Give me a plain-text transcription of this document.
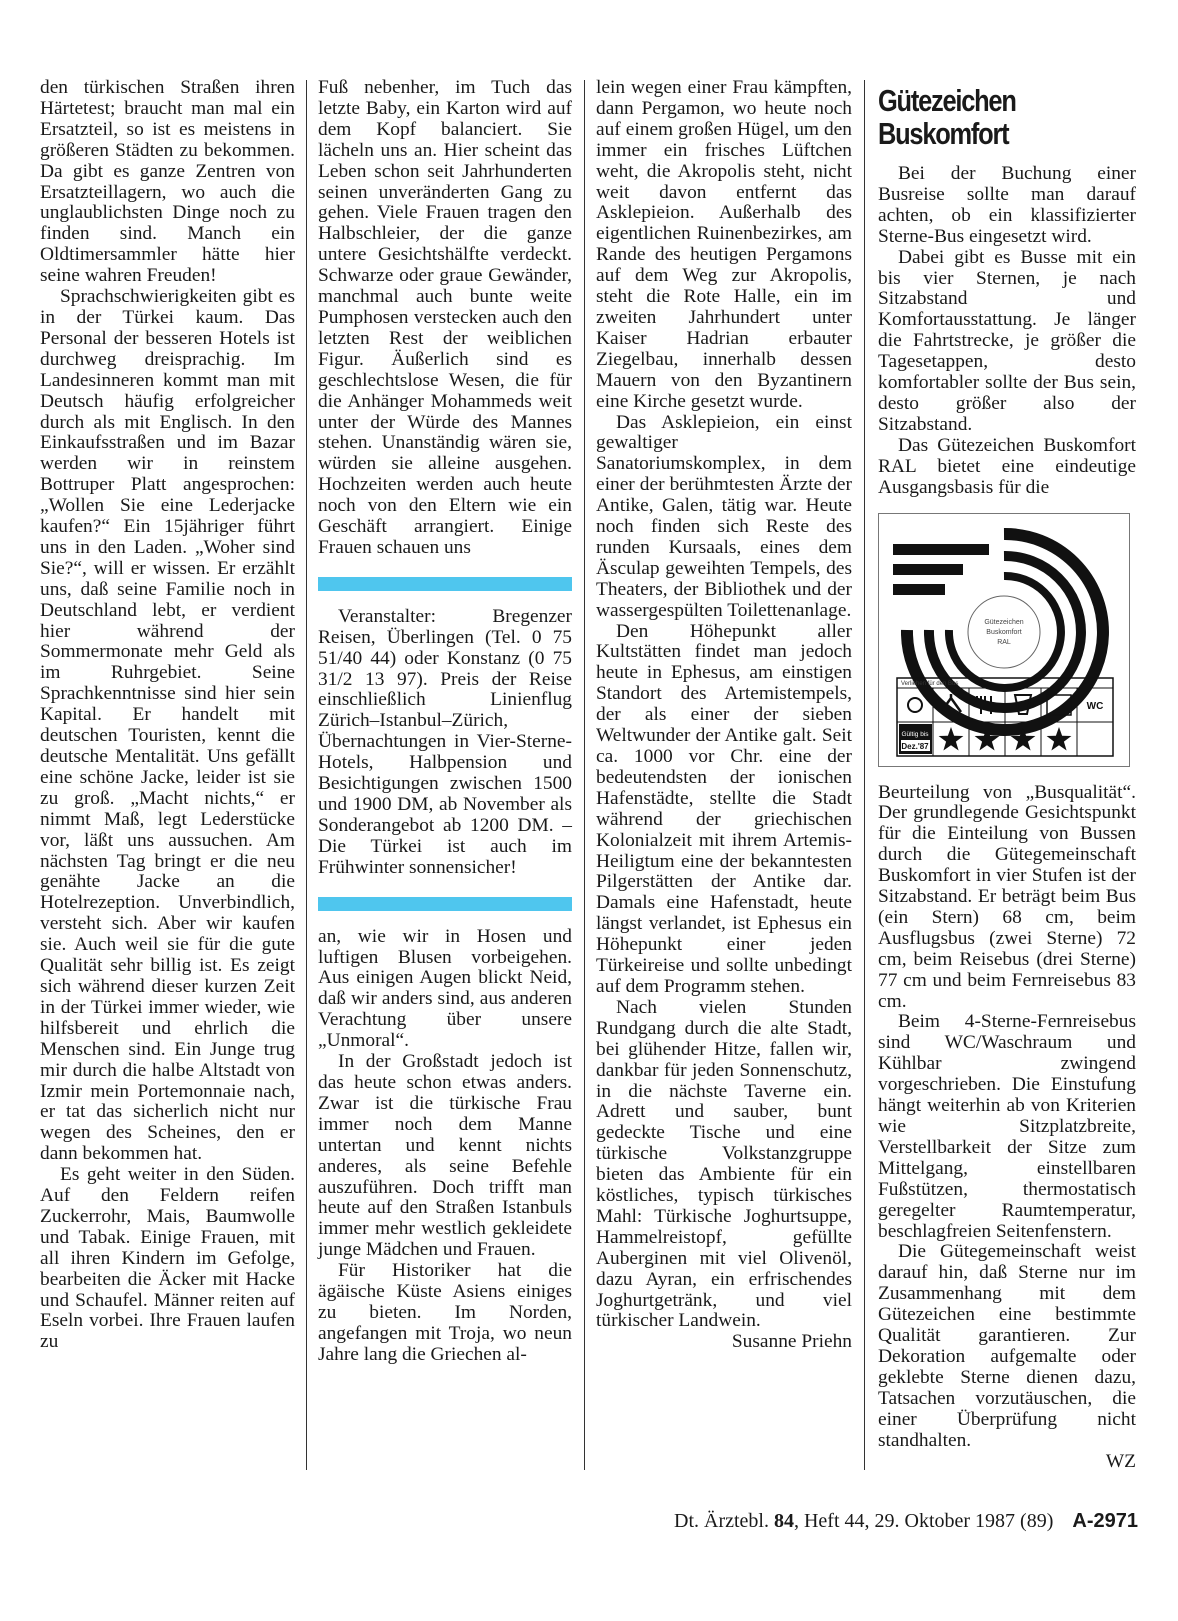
den türkischen Straßen ihren Härtetest; braucht man mal ein Ersatzteil, so ist es meistens in größeren Städten zu bekommen. Da gibt es ganze Zentren von Ersatzteillagern, wo auch die unglaublichsten Dinge noch zu finden sind. Manch ein Oldtimersammler hätte hier seine wahren Freuden!

Sprachschwierigkeiten gibt es in der Türkei kaum. Das Personal der besseren Hotels ist durchweg dreisprachig. Im Landesinneren kommt man mit Deutsch häufig erfolgreicher durch als mit Englisch. In den Einkaufsstraßen und im Bazar werden wir in reinstem Bottruper Platt angesprochen: „Wollen Sie eine Lederjacke kaufen?“ Ein 15jähriger führt uns in den Laden. „Woher sind Sie?“, will er wissen. Er erzählt uns, daß seine Familie noch in Deutschland lebt, er verdient hier während der Sommermonate mehr Geld als im Ruhrgebiet. Seine Sprachkenntnisse sind hier sein Kapital. Er handelt mit deutschen Touristen, kennt die deutsche Mentalität. Uns gefällt eine schöne Jacke, leider ist sie zu groß. „Macht nichts,“ er nimmt Maß, legt Lederstücke vor, läßt uns aussuchen. Am nächsten Tag bringt er die neu genähte Jacke an die Hotelrezeption. Unverbindlich, versteht sich. Aber wir kaufen sie. Auch weil sie für die gute Qualität sehr billig ist. Es zeigt sich während dieser kurzen Zeit in der Türkei immer wieder, wie hilfsbereit und ehrlich die Menschen sind. Ein Junge trug mir durch die halbe Altstadt von Izmir mein Portemonnaie nach, er tat das sicherlich nicht nur wegen des Scheines, den er dann bekommen hat.

Es geht weiter in den Süden. Auf den Feldern reifen Zuckerrohr, Mais, Baumwolle und Tabak. Einige Frauen, mit all ihren Kindern im Gefolge, bearbeiten die Äcker mit Hacke und Schaufel. Männer reiten auf Eseln vorbei. Ihre Frauen laufen zu

Fuß nebenher, im Tuch das letzte Baby, ein Karton wird auf dem Kopf balanciert. Sie lächeln uns an. Hier scheint das Leben schon seit Jahrhunderten seinen unveränderten Gang zu gehen. Viele Frauen tragen den Halbschleier, der die ganze untere Gesichtshälfte verdeckt. Schwarze oder graue Gewänder, manchmal auch bunte weite Pumphosen verstecken auch den letzten Rest der weiblichen Figur. Äußerlich sind es geschlechtslose Wesen, die für die Anhänger Mohammeds weit unter der Würde des Mannes stehen. Unanständig wären sie, würden sie alleine ausgehen. Hochzeiten werden auch heute noch von den Eltern wie ein Geschäft arrangiert. Einige Frauen schauen uns

Veranstalter: Bregenzer Reisen, Überlingen (Tel. 0 75 51/40 44) oder Konstanz (0 75 31/2 13 97). Preis der Reise einschließlich Linienflug Zürich–Istanbul–Zürich, Übernachtungen in Vier-Sterne-Hotels, Halbpension und Besichtigungen zwischen 1500 und 1900 DM, ab November als Sonderangebot ab 1200 DM. – Die Türkei ist auch im Frühwinter sonnensicher!

an, wie wir in Hosen und luftigen Blusen vorbeigehen. Aus einigen Augen blickt Neid, daß wir anders sind, aus anderen Verachtung über unsere „Unmoral“.

In der Großstadt jedoch ist das heute schon etwas anders. Zwar ist die türkische Frau immer noch dem Manne untertan und kennt nichts anderes, als seine Befehle auszuführen. Doch trifft man heute auf den Straßen Istanbuls immer mehr westlich gekleidete junge Mädchen und Frauen.

Für Historiker hat die ägäische Küste Asiens einiges zu bieten. Im Norden, angefangen mit Troja, wo neun Jahre lang die Griechen al-

lein wegen einer Frau kämpften, dann Pergamon, wo heute noch auf einem großen Hügel, um den immer ein frisches Lüftchen weht, die Akropolis steht, nicht weit davon entfernt das Asklepieion. Außerhalb des eigentlichen Ruinenbezirkes, am Rande des heutigen Pergamons auf dem Weg zur Akropolis, steht die Rote Halle, ein im zweiten Jahrhundert unter Kaiser Hadrian erbauter Ziegelbau, innerhalb dessen Mauern von den Byzantinern eine Kirche gesetzt wurde.

Das Asklepieion, ein einst gewaltiger Sanatoriumskomplex, in dem einer der berühmtesten Ärzte der Antike, Galen, tätig war. Heute noch finden sich Reste des runden Kursaals, eines dem Äsculap geweihten Tempels, des Theaters, der Bibliothek und der wassergespülten Toilettenanlage.

Den Höhepunkt aller Kultstätten findet man jedoch heute in Ephesus, am einstigen Standort des Artemistempels, der als einer der sieben Weltwunder der Antike galt. Seit ca. 1000 vor Chr. eine der bedeutendsten der ionischen Hafenstädte, stellte die Stadt während der griechischen Kolonialzeit mit ihrem Artemis-Heiligtum eine der bekanntesten Pilgerstätten der Antike dar. Damals eine Hafenstadt, heute längst verlandet, ist Ephesus ein Höhepunkt einer jeden Türkeireise und sollte unbedingt auf dem Programm stehen.

Nach vielen Stunden Rundgang durch die alte Stadt, bei glühender Hitze, fallen wir, dankbar für jeden Sonnenschutz, in die nächste Taverne ein. Adrett und sauber, bunt gedeckte Tische und eine türkische Volkstanzgruppe bieten das Ambiente für ein köstliches, typisch türkisches Mahl: Türkische Joghurtsuppe, Hammelreistopf, gefüllte Auberginen mit viel Olivenöl, dazu Ayran, ein erfrischendes Joghurtgetränk, und viel türkischer Landwein.

Susanne Priehn

Gütezeichen
Buskomfort

Bei der Buchung einer Busreise sollte man darauf achten, ob ein klassifizierter Sterne-Bus eingesetzt wird.

Dabei gibt es Busse mit ein bis vier Sternen, je nach Sitzabstand und Komfortausstattung. Je länger die Fahrtstrecke, je größer die Tagesetappen, desto komfortabler sollte der Bus sein, desto größer also der Sitzabstand.

Das Gütezeichen Buskomfort RAL bietet eine eindeutige Ausgangsbasis für die

Gütezeichen
Buskomfort
RAL
Verliehen für den Bus
WC
Gültig bis
Dez.'87

Beurteilung von „Busqualität“. Der grundlegende Gesichtspunkt für die Einteilung von Bussen durch die Gütegemeinschaft Buskomfort in vier Stufen ist der Sitzabstand. Er beträgt beim Bus (ein Stern) 68 cm, beim Ausflugsbus (zwei Sterne) 72 cm, beim Reisebus (drei Sterne) 77 cm und beim Fernreisebus 83 cm.

Beim 4-Sterne-Fernreisebus sind WC/Waschraum und Kühlbar zwingend vorgeschrieben. Die Einstufung hängt weiterhin ab von Kriterien wie Sitzplatzbreite, Verstellbarkeit der Sitze zum Mittelgang, einstellbaren Fußstützen, thermostatisch geregelter Raumtemperatur, beschlagfreien Seitenfenstern.

Die Gütegemeinschaft weist darauf hin, daß Sterne nur im Zusammenhang mit dem Gütezeichen eine bestimmte Qualität garantieren. Zur Dekoration aufgemalte oder geklebte Sterne dienen dazu, Tatsachen vorzutäuschen, die einer Überprüfung nicht standhalten.

WZ

Dt. Ärztebl. 84, Heft 44, 29. Oktober 1987 (89) A-2971
